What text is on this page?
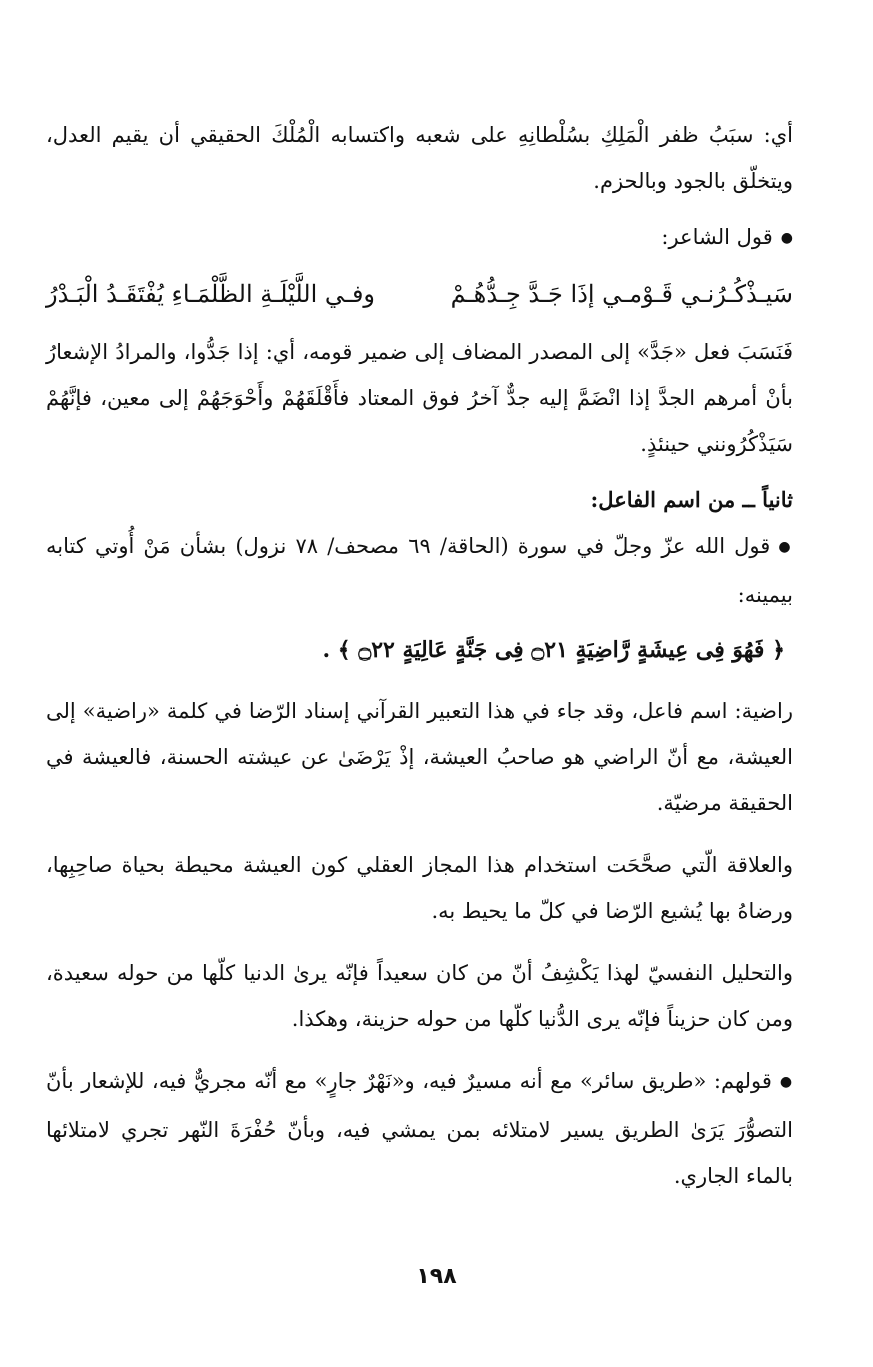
أي: سبَبُ ظفر الْمَلِكِ بسُلْطانِهِ على شعبه واكتسابه الْمُلْكَ الحقيقي أن يقيم العدل، ويتخلّق بالجود وبالحزم.

● قول الشاعر:

سَيـذْكُـرُنـي قَـوْمـي إذَا جَـدَّ جِـدُّهُـمْ
وفـي اللَّيْلَـةِ الظَّلْمَـاءِ يُفْتَقَـدُ الْبَـدْرُ

فَنَسَبَ فعل «جَدَّ» إلى المصدر المضاف إلى ضمير قومه، أي: إذا جَدُّوا، والمرادُ الإشعارُ بأنْ أمرهم الجدَّ إذا انْضَمَّ إليه جدٌّ آخرُ فوق المعتاد فأَقْلَقَهُمْ وأَحْوَجَهُمْ إلى معين، فإنَّهُمْ سَيَذْكُرُونني حينئذٍ.

ثانياً ــ من اسم الفاعل:

● قول الله عزّ وجلّ في سورة (الحاقة/ ٦٩ مصحف/ ٧٨ نزول) بشأن مَنْ أُوتي كتابه بيمينه:

﴿ فَهُوَ فِى عِيشَةٍ رَّاضِيَةٍ ۝٢١ فِى جَنَّةٍ عَالِيَةٍ ۝٢٢ ﴾ .

راضية: اسم فاعل، وقد جاء في هذا التعبير القرآني إسناد الرّضا في كلمة «راضية» إلى العيشة، مع أنّ الراضي هو صاحبُ العيشة، إذْ يَرْضَىٰ عن عيشته الحسنة، فالعيشة في الحقيقة مرضيّة.

والعلاقة الّتي صحَّحَت استخدام هذا المجاز العقلي كون العيشة محيطة بحياة صاحِبِها، ورضاهُ بها يُشيع الرّضا في كلّ ما يحيط به.

والتحليل النفسيّ لهذا يَكْشِفُ أنّ من كان سعيداً فإنّه يرىٰ الدنيا كلّها من حوله سعيدة، ومن كان حزيناً فإنّه يرى الدُّنيا كلّها من حوله حزينة، وهكذا.

● قولهم: «طريق سائر» مع أنه مسيرٌ فيه، و«نَهْرٌ جارٍ» مع أنّه مجريٌّ فيه، للإشعار بأنّ التصوُّرَ يَرَىٰ الطريق يسير لامتلائه بمن يمشي فيه، وبأنّ حُفْرَةَ النّهر تجري لامتلائها بالماء الجاري.

١٩٨
